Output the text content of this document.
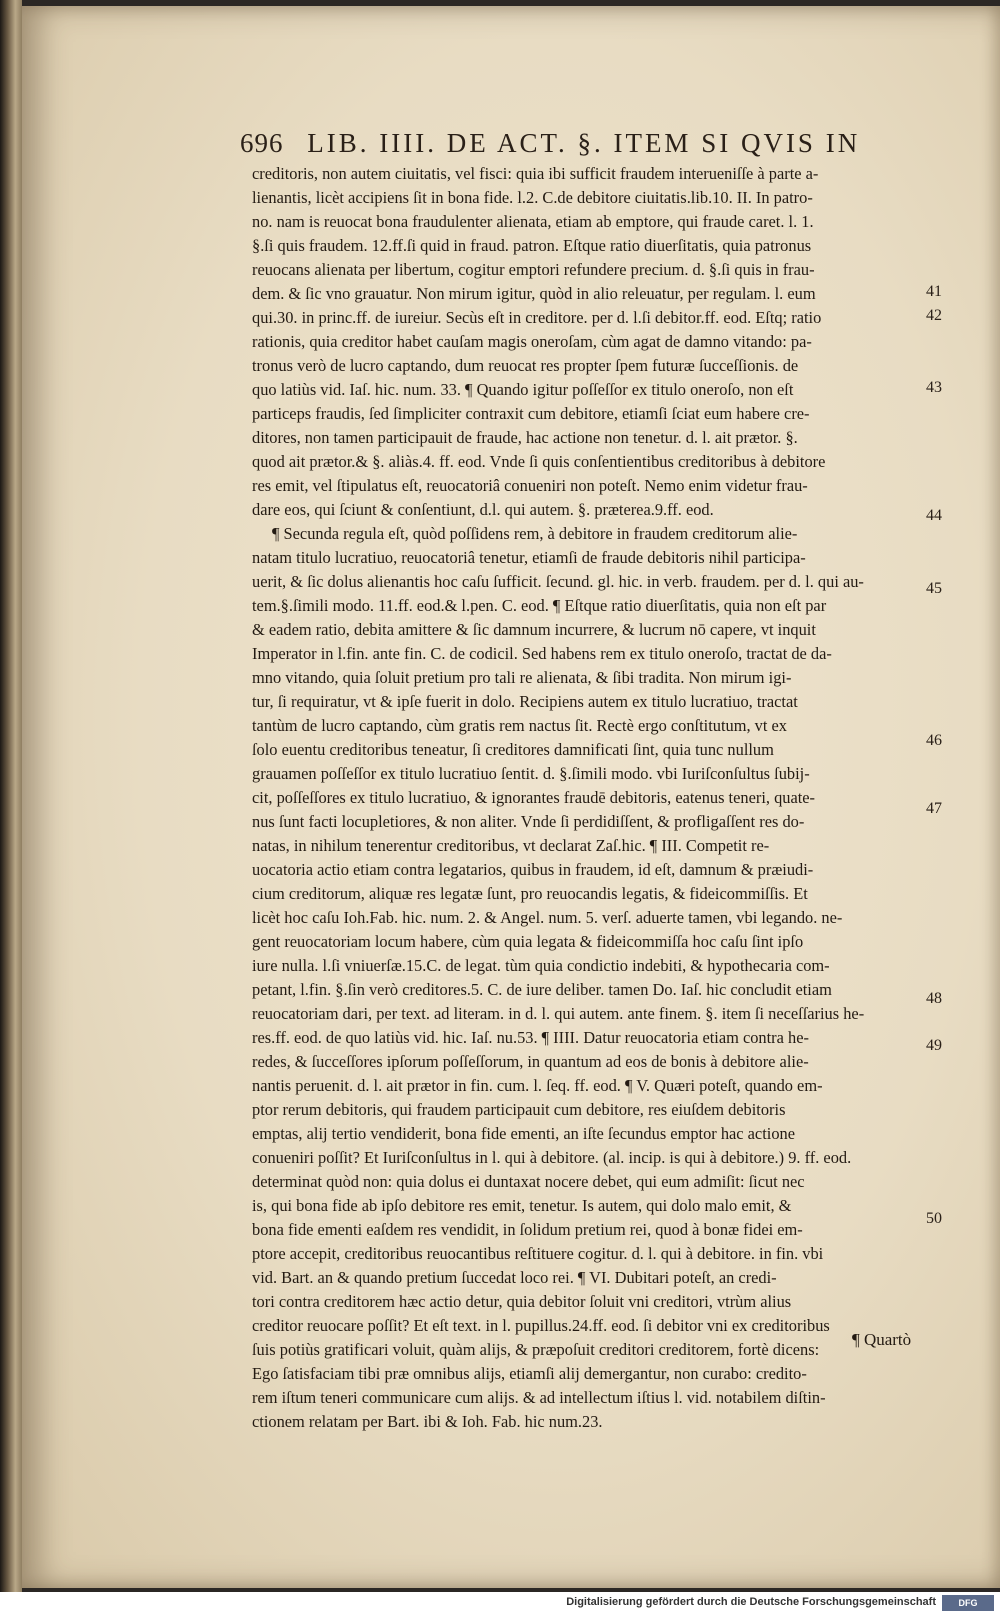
696 LIB. IIII. DE ACT. §. ITEM SI QVIS IN
creditoris, non autem ciuitatis, vel fisci: quia ibi sufficit fraudem interueniſſe à parte a-
lienantis, licèt accipiens ſit in bona fide. l.2. C.de debitore ciuitatis.lib.10. II. In patro-
no. nam is reuocat bona fraudulenter alienata, etiam ab emptore, qui fraude caret. l. 1.
§.ſi quis fraudem. 12.ff.ſi quid in fraud. patron. Eſtque ratio diuerſitatis, quia patronus
reuocans alienata per libertum, cogitur emptori refundere precium. d. §.ſi quis in frau-
dem. & ſic vno grauatur. Non mirum igitur, quòd in alio releuatur, per regulam. l. eum
qui.30. in princ.ff. de iureiur. Secùs eſt in creditore. per d. l.ſi debitor.ff. eod. Eſtq; ratio
rationis, quia creditor habet cauſam magis oneroſam, cùm agat de damno vitando: pa-
tronus verò de lucro captando, dum reuocat res propter ſpem futuræ ſucceſſionis. de
quo latiùs vid. Iaſ. hic. num. 33. ¶ Quando igitur poſſeſſor ex titulo oneroſo, non eſt
particeps fraudis, ſed ſimpliciter contraxit cum debitore, etiamſi ſciat eum habere cre-
ditores, non tamen participauit de fraude, hac actione non tenetur. d. l. ait prætor. §.
quod ait prætor.& §. aliàs.4. ff. eod. Vnde ſi quis conſentientibus creditoribus à debitore
res emit, vel ſtipulatus eſt, reuocatoriâ conueniri non poteſt. Nemo enim videtur frau-
dare eos, qui ſciunt & conſentiunt, d.l. qui autem. §. præterea.9.ff. eod.
¶ Secunda regula eſt, quòd poſſidens rem, à debitore in fraudem creditorum alie-
natam titulo lucratiuo, reuocatoriâ tenetur, etiamſi de fraude debitoris nihil participa-
uerit, & ſic dolus alienantis hoc caſu ſufficit. ſecund. gl. hic. in verb. fraudem. per d. l. qui au-
tem.§.ſimili modo. 11.ff. eod.& l.pen. C. eod. ¶ Eſtque ratio diuerſitatis, quia non eſt par
& eadem ratio, debita amittere & ſic damnum incurrere, & lucrum nō capere, vt inquit
Imperator in l.fin. ante fin. C. de codicil. Sed habens rem ex titulo oneroſo, tractat de da-
mno vitando, quia ſoluit pretium pro tali re alienata, & ſibi tradita. Non mirum igi-
tur, ſi requiratur, vt & ipſe fuerit in dolo. Recipiens autem ex titulo lucratiuo, tractat
tantùm de lucro captando, cùm gratis rem nactus ſit. Rectè ergo conſtitutum, vt ex
ſolo euentu creditoribus teneatur, ſi creditores damnificati ſint, quia tunc nullum
grauamen poſſeſſor ex titulo lucratiuo ſentit. d. §.ſimili modo. vbi Iuriſconſultus ſubij-
cit, poſſeſſores ex titulo lucratiuo, & ignorantes fraudē debitoris, eatenus teneri, quate-
nus ſunt facti locupletiores, & non aliter. Vnde ſi perdidiſſent, & profligaſſent res do-
natas, in nihilum tenerentur creditoribus, vt declarat Zaſ.hic. ¶ III. Competit re-
uocatoria actio etiam contra legatarios, quibus in fraudem, id eſt, damnum & præiudi-
cium creditorum, aliquæ res legatæ ſunt, pro reuocandis legatis, & fideicommiſſis. Et
licèt hoc caſu Ioh.Fab. hic. num. 2. & Angel. num. 5. verſ. aduerte tamen, vbi legando. ne-
gent reuocatoriam locum habere, cùm quia legata & fideicommiſſa hoc caſu ſint ipſo
iure nulla. l.ſi vniuerſæ.15.C. de legat. tùm quia condictio indebiti, & hypothecaria com-
petant, l.fin. §.ſin verò creditores.5. C. de iure deliber. tamen Do. Iaſ. hic concludit etiam
reuocatoriam dari, per text. ad literam. in d. l. qui autem. ante finem. §. item ſi neceſſarius he-
res.ff. eod. de quo latiùs vid. hic. Iaſ. nu.53. ¶ IIII. Datur reuocatoria etiam contra he-
redes, & ſucceſſores ipſorum poſſeſſorum, in quantum ad eos de bonis à debitore alie-
nantis peruenit. d. l. ait prætor in fin. cum. l. ſeq. ff. eod. ¶ V. Quæri poteſt, quando em-
ptor rerum debitoris, qui fraudem participauit cum debitore, res eiuſdem debitoris
emptas, alij tertio vendiderit, bona fide ementi, an iſte ſecundus emptor hac actione
conueniri poſſit? Et Iuriſconſultus in l. qui à debitore. (al. incip. is qui à debitore.) 9. ff. eod.
determinat quòd non: quia dolus ei duntaxat nocere debet, qui eum admiſit: ſicut nec
is, qui bona fide ab ipſo debitore res emit, tenetur. Is autem, qui dolo malo emit, &
bona fide ementi eaſdem res vendidit, in ſolidum pretium rei, quod à bonæ fidei em-
ptore accepit, creditoribus reuocantibus reſtituere cogitur. d. l. qui à debitore. in fin. vbi
vid. Bart. an & quando pretium ſuccedat loco rei. ¶ VI. Dubitari poteſt, an credi-
tori contra creditorem hæc actio detur, quia debitor ſoluit vni creditori, vtrùm alius
creditor reuocare poſſit? Et eſt text. in l. pupillus.24.ff. eod. ſi debitor vni ex creditoribus
ſuis potiùs gratificari voluit, quàm alijs, & præpoſuit creditori creditorem, fortè dicens:
Ego ſatisfaciam tibi præ omnibus alijs, etiamſi alij demergantur, non curabo: credito-
rem iſtum teneri communicare cum alijs. & ad intellectum iſtius l. vid. notabilem diſtin-
ctionem relatam per Bart. ibi & Ioh. Fab. hic num.23.
41
42
43
44
45
46
47
48
49
50
¶ Quartò
Digitalisierung gefördert durch die Deutsche Forschungsgemeinschaft	DFG
